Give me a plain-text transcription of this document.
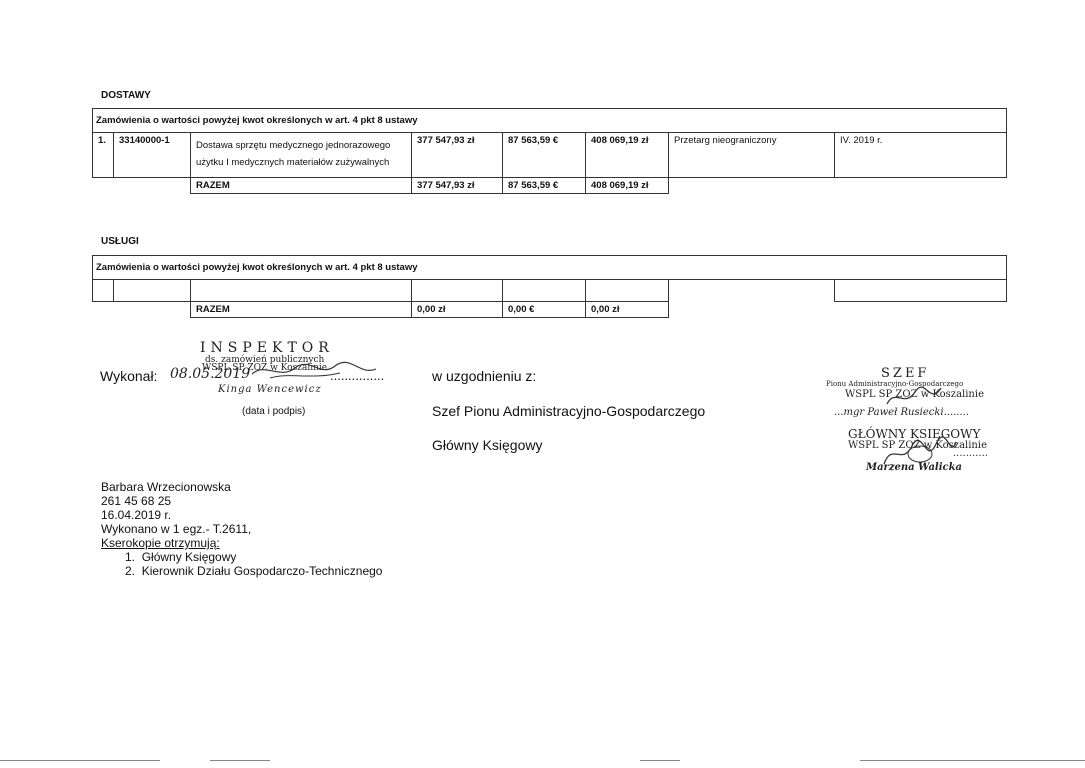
DOSTAWY
Zamówienia o wartości powyżej kwot określonych w art. 4 pkt 8 ustawy							
1.	33140000-1	Dostawa sprzętu medycznego jednorazowego użytku I medycznych materiałów zużywalnych	377 547,93 zł	87 563,59 €	408 069,19 zł	Przetarg nieograniczony	IV. 2019 r.
		RAZEM	377 547,93 zł	87 563,59 €	408 069,19 zł		
USŁUGI
Zamówienia o wartości powyżej kwot określonych w art. 4 pkt 8 ustawy							

		RAZEM	0,00 zł	0,00 €	0,00 zł		
INSPEKTOR
ds. zamówień publicznych
WSPL SP ZOZ w Koszalinie
Kinga Wencewicz
Wykonał: 08.05.2019	...............
(data i podpis)
w uzgodnieniu z:
Szef Pionu Administracyjno-Gospodarczego
Główny Księgowy
SZEF
Pionu Administracyjno-Gospodarczego
WSPL SP ZOZ w Koszalinie
...mgr Paweł Rusiecki........
GŁÓWNY KSIĘGOWY
WSPL SP ZOZ w Koszalinie
...........
Marzena Walicka
Barbara Wrzecionowska
261 45 68 25
16.04.2019 r.
Wykonano w 1 egz.- T.2611,
Kserokopie otrzymują:
1.  Główny Księgowy
2.  Kierownik Działu Gospodarczo-Technicznego
